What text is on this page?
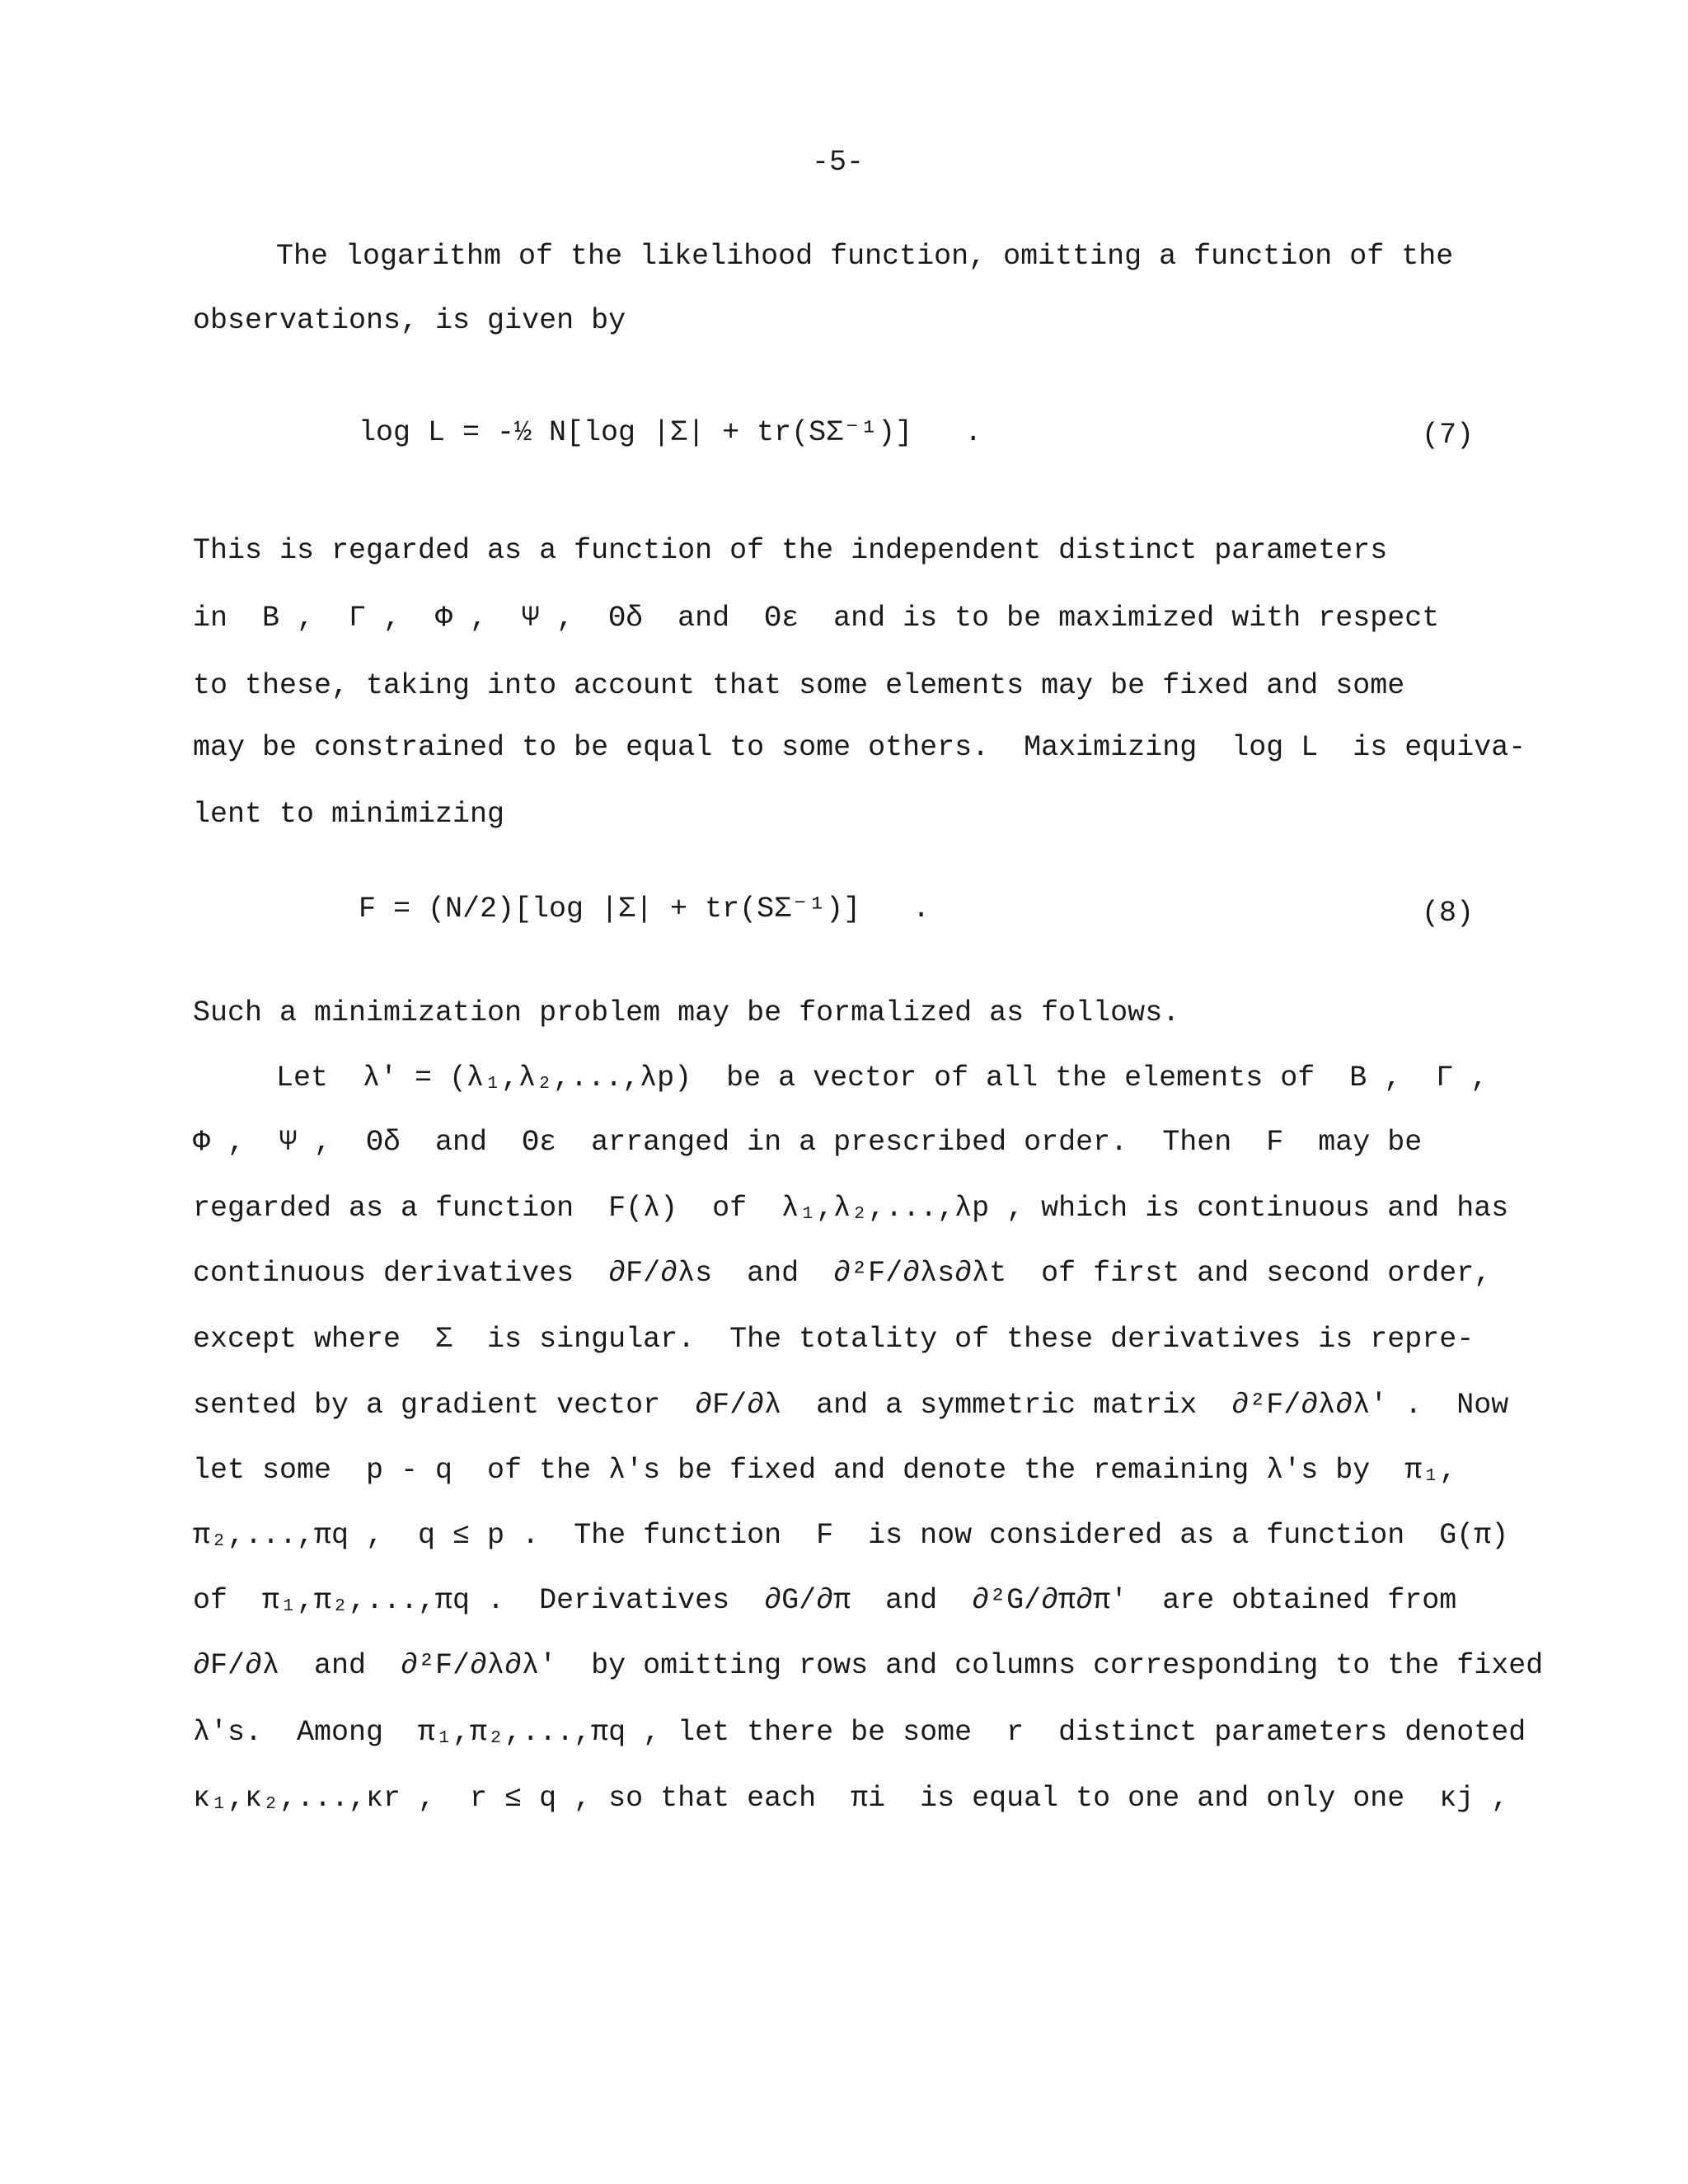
-5-
The logarithm of the likelihood function, omitting a function of the
observations, is given by
log L = -½ N[log |Σ| + tr(SΣ⁻¹)]   .	(7)
This is regarded as a function of the independent distinct parameters
in  B ,  Γ ,  Φ ,  Ψ ,  Θδ  and  Θε  and is to be maximized with respect
to these, taking into account that some elements may be fixed and some
may be constrained to be equal to some others.  Maximizing  log L  is equiva-
lent to minimizing
F = (N/2)[log |Σ| + tr(SΣ⁻¹)]   .	(8)
Such a minimization problem may be formalized as follows.
Let  λ' = (λ₁,λ₂,...,λp)  be a vector of all the elements of  B ,  Γ ,
Φ ,  Ψ ,  Θδ  and  Θε  arranged in a prescribed order.  Then  F  may be
regarded as a function  F(λ)  of  λ₁,λ₂,...,λp , which is continuous and has
continuous derivatives  ∂F/∂λs  and  ∂²F/∂λs∂λt  of first and second order,
except where  Σ  is singular.  The totality of these derivatives is repre-
sented by a gradient vector  ∂F/∂λ  and a symmetric matrix  ∂²F/∂λ∂λ' .  Now
let some  p - q  of the λ's be fixed and denote the remaining λ's by  π₁,
π₂,...,πq ,  q ≤ p .  The function  F  is now considered as a function  G(π)
of  π₁,π₂,...,πq .  Derivatives  ∂G/∂π  and  ∂²G/∂π∂π'  are obtained from
∂F/∂λ  and  ∂²F/∂λ∂λ'  by omitting rows and columns corresponding to the fixed
λ's.  Among  π₁,π₂,...,πq , let there be some  r  distinct parameters denoted
κ₁,κ₂,...,κr ,  r ≤ q , so that each  πi  is equal to one and only one  κj ,
